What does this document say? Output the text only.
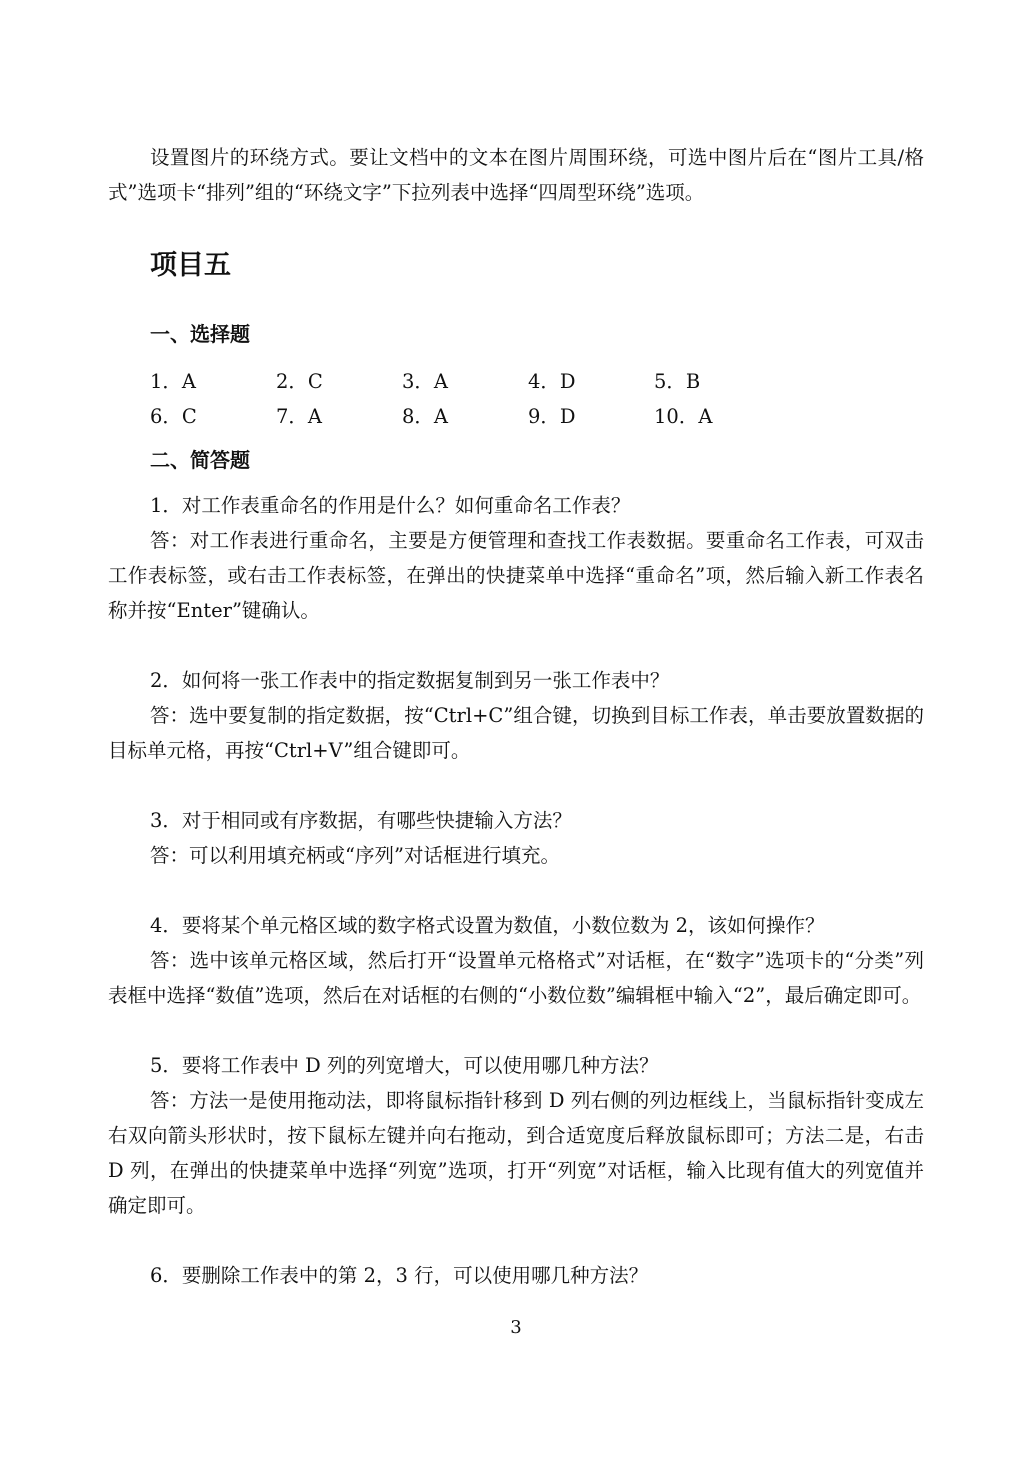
设置图片的环绕方式。要让文档中的文本在图片周围环绕，可选中图片后在“图片工具/格式”选项卡“排列”组的“环绕文字”下拉列表中选择“四周型环绕”选项。

项目五
一、选择题
1．A	2．C	3．A	4．D	5．B
6．C	7．A	8．A	9．D	10．A
二、简答题

1．对工作表重命名的作用是什么？如何重命名工作表？

答：对工作表进行重命名，主要是方便管理和查找工作表数据。要重命名工作表，可双击工作表标签，或右击工作表标签，在弹出的快捷菜单中选择“重命名”项，然后输入新工作表名称并按“Enter”键确认。

2．如何将一张工作表中的指定数据复制到另一张工作表中？

答：选中要复制的指定数据，按“Ctrl+C”组合键，切换到目标工作表，单击要放置数据的目标单元格，再按“Ctrl+V”组合键即可。

3．对于相同或有序数据，有哪些快捷输入方法？

答：可以利用填充柄或“序列”对话框进行填充。

4．要将某个单元格区域的数字格式设置为数值，小数位数为 2，该如何操作？

答：选中该单元格区域，然后打开“设置单元格格式”对话框，在“数字”选项卡的“分类”列表框中选择“数值”选项，然后在对话框的右侧的“小数位数”编辑框中输入“2”，最后确定即可。

5．要将工作表中 D 列的列宽增大，可以使用哪几种方法？

答：方法一是使用拖动法，即将鼠标指针移到 D 列右侧的列边框线上，当鼠标指针变成左右双向箭头形状时，按下鼠标左键并向右拖动，到合适宽度后释放鼠标即可；方法二是，右击 D 列，在弹出的快捷菜单中选择“列宽”选项，打开“列宽”对话框，输入比现有值大的列宽值并确定即可。

6．要删除工作表中的第 2，3 行，可以使用哪几种方法？

3
